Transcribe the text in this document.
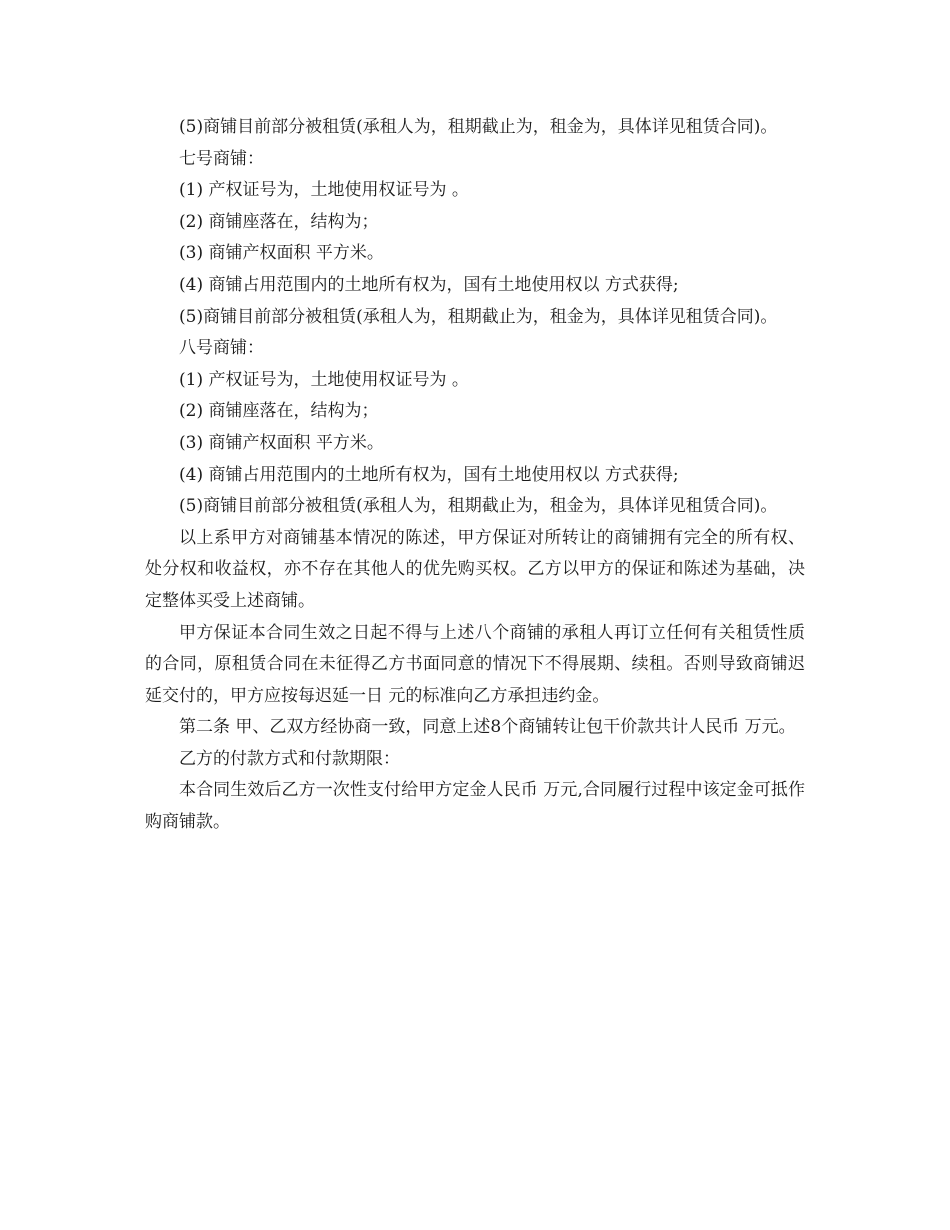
(5)商铺目前部分被租赁(承租人为，租期截止为，租金为，具体详见租赁合同)。

七号商铺：

(1) 产权证号为，土地使用权证号为 。

(2) 商铺座落在，结构为；

(3) 商铺产权面积 平方米。

(4) 商铺占用范围内的土地所有权为，国有土地使用权以 方式获得;

(5)商铺目前部分被租赁(承租人为，租期截止为，租金为，具体详见租赁合同)。

八号商铺：

(1) 产权证号为，土地使用权证号为 。

(2) 商铺座落在，结构为；

(3) 商铺产权面积 平方米。

(4) 商铺占用范围内的土地所有权为，国有土地使用权以 方式获得;

(5)商铺目前部分被租赁(承租人为，租期截止为，租金为，具体详见租赁合同)。

以上系甲方对商铺基本情况的陈述，甲方保证对所转让的商铺拥有完全的所有权、处分权和收益权，亦不存在其他人的优先购买权。乙方以甲方的保证和陈述为基础，决定整体买受上述商铺。

甲方保证本合同生效之日起不得与上述八个商铺的承租人再订立任何有关租赁性质的合同，原租赁合同在未征得乙方书面同意的情况下不得展期、续租。否则导致商铺迟延交付的，甲方应按每迟延一日 元的标准向乙方承担违约金。

第二条 甲、乙双方经协商一致，同意上述8个商铺转让包干价款共计人民币 万元。

乙方的付款方式和付款期限：

本合同生效后乙方一次性支付给甲方定金人民币 万元,合同履行过程中该定金可抵作购商铺款。
